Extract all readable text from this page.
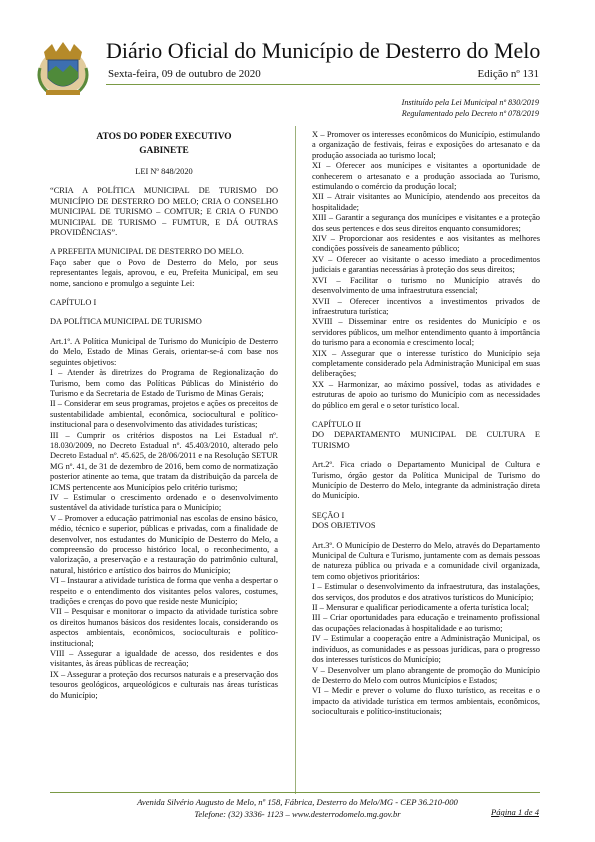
Diário Oficial do Município de Desterro do Melo
Sexta-feira, 09 de outubro de 2020	Edição nº 131
Instituído pela Lei Municipal nº 830/2019
Regulamentado pelo Decreto nº 078/2019

ATOS DO PODER EXECUTIVO

GABINETE

LEI Nº 848/2020

“CRIA A POLÍTICA MUNICIPAL DE TURISMO DO MUNICÍPIO DE DESTERRO DO MELO; CRIA O CONSELHO MUNICIPAL DE TURISMO – COMTUR; E CRIA O FUNDO MUNICIPAL DE TURISMO – FUMTUR, E DÁ OUTRAS PROVIDÊNCIAS”.

A PREFEITA MUNICIPAL DE DESTERRO DO MELO.

Faço saber que o Povo de Desterro do Melo, por seus representantes legais, aprovou, e eu, Prefeita Municipal, em seu nome, sanciono e promulgo a seguinte Lei:

CAPÍTULO I

DA POLÍTICA MUNICIPAL DE TURISMO

Art.1º. A Política Municipal de Turismo do Município de Desterro do Melo, Estado de Minas Gerais, orientar-se-á com base nos seguintes objetivos:

I – Atender às diretrizes do Programa de Regionalização do Turismo, bem como das Políticas Públicas do Ministério do Turismo e da Secretaria de Estado de Turismo de Minas Gerais;

II – Considerar em seus programas, projetos e ações os preceitos de sustentabilidade ambiental, econômica, sociocultural e político-institucional para o desenvolvimento das atividades turísticas;

III – Cumprir os critérios dispostos na Lei Estadual nº. 18.030/2009, no Decreto Estadual nº. 45.403/2010, alterado pelo Decreto Estadual nº. 45.625, de 28/06/2011 e na Resolução SETUR MG nº. 41, de 31 de dezembro de 2016, bem como de normatização posterior atinente ao tema, que tratam da distribuição da parcela de ICMS pertencente aos Municípios pelo critério turismo;

IV – Estimular o crescimento ordenado e o desenvolvimento sustentável da atividade turística para o Município;

V – Promover a educação patrimonial nas escolas de ensino básico, médio, técnico e superior, públicas e privadas, com a finalidade de desenvolver, nos estudantes do Município de Desterro do Melo, a compreensão do processo histórico local, o reconhecimento, a valorização, a preservação e a restauração do patrimônio cultural, natural, histórico e artístico dos bairros do Município;

VI – Instaurar a atividade turística de forma que venha a despertar o respeito e o entendimento dos visitantes pelos valores, costumes, tradições e crenças do povo que reside neste Município;

VII – Pesquisar e monitorar o impacto da atividade turística sobre os direitos humanos básicos dos residentes locais, considerando os aspectos ambientais, econômicos, socioculturais e político-institucional;

VIII – Assegurar a igualdade de acesso, dos residentes e dos visitantes, às áreas públicas de recreação;

IX – Assegurar a proteção dos recursos naturais e a preservação dos tesouros geológicos, arqueológicos e culturais nas áreas turísticas do Município;

X – Promover os interesses econômicos do Município, estimulando a organização de festivais, feiras e exposições do artesanato e da produção associada ao turismo local;

XI – Oferecer aos munícipes e visitantes a oportunidade de conhecerem o artesanato e a produção associada ao Turismo, estimulando o comércio da produção local;

XII – Atrair visitantes ao Município, atendendo aos preceitos da hospitalidade;

XIII – Garantir a segurança dos munícipes e visitantes e a proteção dos seus pertences e dos seus direitos enquanto consumidores;

XIV – Proporcionar aos residentes e aos visitantes as melhores condições possíveis de saneamento público;

XV – Oferecer ao visitante o acesso imediato a procedimentos judiciais e garantias necessárias à proteção dos seus direitos;

XVI – Facilitar o turismo no Município através do desenvolvimento de uma infraestrutura essencial;

XVII – Oferecer incentivos a investimentos privados de infraestrutura turística;

XVIII – Disseminar entre os residentes do Município e os servidores públicos, um melhor entendimento quanto à importância do turismo para a economia e crescimento local;

XIX – Assegurar que o interesse turístico do Município seja completamente considerado pela Administração Municipal em suas deliberações;

XX – Harmonizar, ao máximo possível, todas as atividades e estruturas de apoio ao turismo do Município com as necessidades do público em geral e o setor turístico local.

CAPÍTULO II

DO DEPARTAMENTO MUNICIPAL DE CULTURA E TURISMO

Art.2º. Fica criado o Departamento Municipal de Cultura e Turismo, órgão gestor da Política Municipal de Turismo do Município de Desterro do Melo, integrante da administração direta do Município.

SEÇÃO I

DOS OBJETIVOS

Art.3º. O Município de Desterro do Melo, através do Departamento Municipal de Cultura e Turismo, juntamente com as demais pessoas de natureza pública ou privada e a comunidade civil organizada, tem como objetivos prioritários:

I – Estimular o desenvolvimento da infraestrutura, das instalações, dos serviços, dos produtos e dos atrativos turísticos do Município;

II – Mensurar e qualificar periodicamente a oferta turística local;

III – Criar oportunidades para educação e treinamento profissional das ocupações relacionadas à hospitalidade e ao turismo;

IV – Estimular a cooperação entre a Administração Municipal, os indivíduos, as comunidades e as pessoas jurídicas, para o progresso dos interesses turísticos do Município;

V – Desenvolver um plano abrangente de promoção do Município de Desterro do Melo com outros Municípios e Estados;

VI – Medir e prever o volume do fluxo turístico, as receitas e o impacto da atividade turística em termos ambientais, econômicos, socioculturais e político-institucionais;

Avenida Silvério Augusto de Melo, nº 158, Fábrica, Desterro do Melo/MG - CEP 36.210-000
Telefone: (32) 3336- 1123 – www.desterrodomelo.mg.gov.br	Página 1 de 4
